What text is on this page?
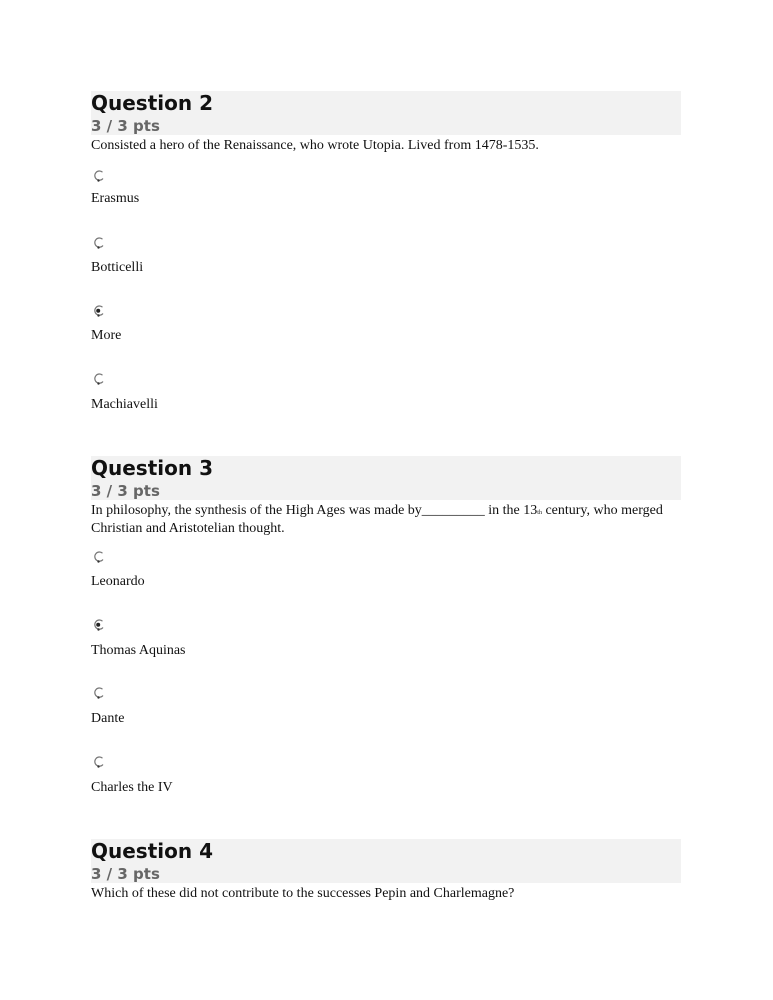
Question 2
3 / 3 pts
Consisted a hero of the Renaissance, who wrote Utopia. Lived from 1478-1535.
Erasmus
Botticelli
More
Machiavelli
Question 3
3 / 3 pts
In philosophy, the synthesis of the High Ages was made by_________ in the 13th century, who merged Christian and Aristotelian thought.
Leonardo
Thomas Aquinas
Dante
Charles the IV
Question 4
3 / 3 pts
Which of these did not contribute to the successes Pepin and Charlemagne?
